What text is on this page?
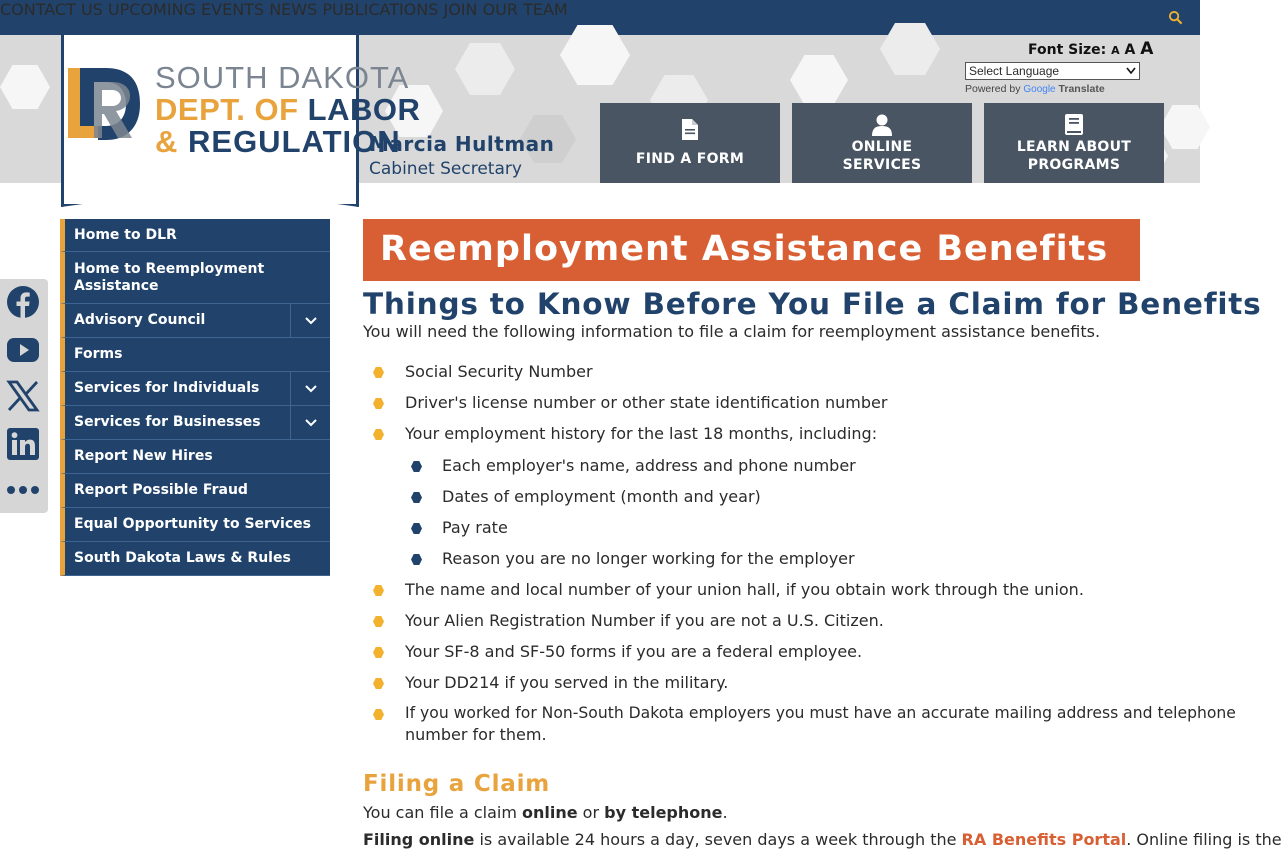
CONTACT US UPCOMING EVENTS NEWS PUBLICATIONS JOIN OUR TEAM
SOUTH DAKOTA
DEPT. OF LABOR
& REGULATION
Marcia Hultman
Cabinet Secretary
Font Size: A A A
Select Language
Powered by Google Translate
FIND A FORM
ONLINE
SERVICES
LEARN ABOUT
PROGRAMS
Home to DLR
Home to Reemployment Assistance
Advisory Council
Forms
Services for Individuals
Services for Businesses
Report New Hires
Report Possible Fraud
Equal Opportunity to Services
South Dakota Laws & Rules
Reemployment Assistance Benefits
Things to Know Before You File a Claim for Benefits
You will need the following information to file a claim for reemployment assistance benefits.
Social Security Number
Driver's license number or other state identification number
Your employment history for the last 18 months, including:
Each employer's name, address and phone number
Dates of employment (month and year)
Pay rate
Reason you are no longer working for the employer
The name and local number of your union hall, if you obtain work through the union.
Your Alien Registration Number if you are not a U.S. Citizen.
Your SF-8 and SF-50 forms if you are a federal employee.
Your DD214 if you served in the military.
If you worked for Non-South Dakota employers you must have an accurate mailing address and telephone
number for them.
Filing a Claim
You can file a claim online or by telephone.
Filing online is available 24 hours a day, seven days a week through the RA Benefits Portal. Online filing is the
